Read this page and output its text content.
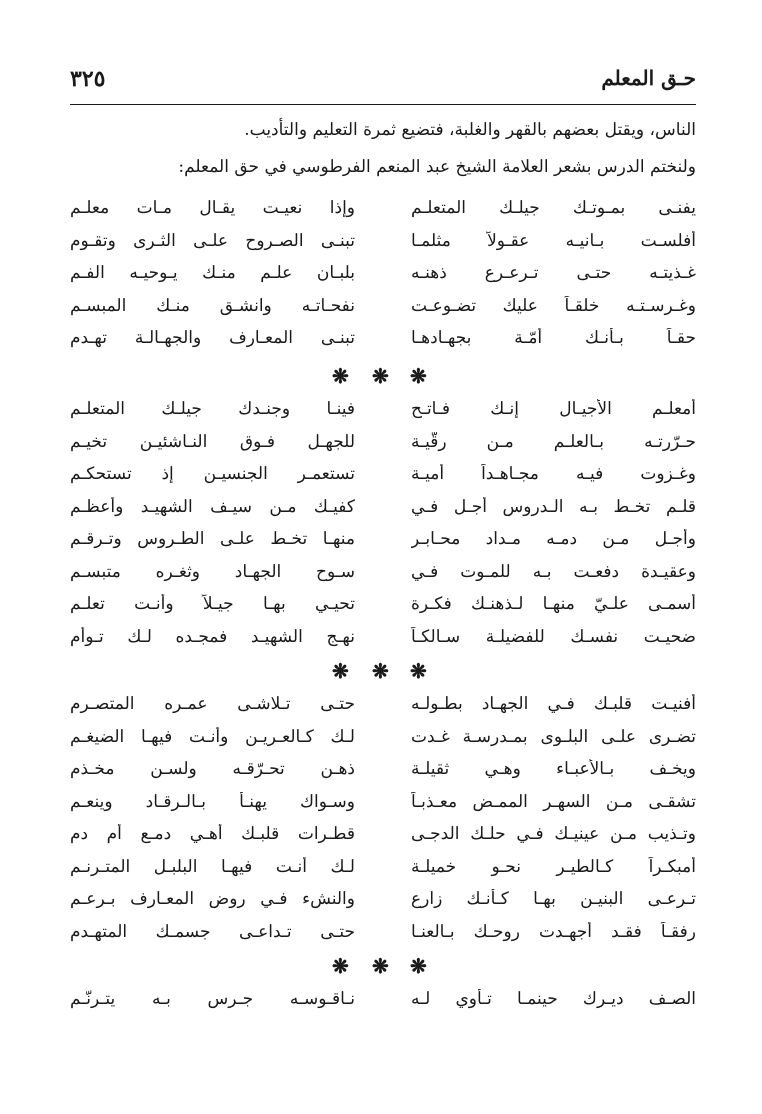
حـق المعلم
٣٢٥
الناس، ويقتل بعضهم بالقهر والغلبة، فتضيع ثمرة التعليم والتأديب.
ولنختم الدرس بشعر العلامة الشيخ عبد المنعم الفرطوسي في حق المعلم:
يفنـى بمـوتـك جيلـك المتعلـم
وإذا نعيـت يقـال مـات معلـم
أفلسـت بـانيـه عقـولاً مثلمـا
تبنـى الصـروح علـى الثـرى وتقـوم
غـذيتـه حتـى تـرعـرع ذهنـه
بلبـان علـم منـك يـوحيـه الفـم
وغـرسـتـه خلقـاً عليك تضـوعـت
نفحـاتـه وانشـق منـك المبسـم
حقـاً بـأنـك أمّـة بجهـادهـا
تبنـى المعـارف والجهـالـة تهـدم
❋
❋
❋
أمعلـم الأجيـال إنـك فـاتـح
فينـا وجنـدك جيلـك المتعلـم
حـرّرتـه بـالعلـم مـن رقّيـة
للجهـل فـوق النـاشئيـن تخيـم
وغـزوت فيـه مجـاهـداً أميـة
تستعمـر الجنسيـن إذ تستحكـم
قلـم تخـط بـه الـدروس أجـل فـي
كفيـك مـن سيـف الشهيـد وأعظـم
وأجـل مـن دمـه مـداد محـابـر
منهـا تخـط علـى الطـروس وتـرقـم
وعقيـدة دفعـت بـه للمـوت فـي
سـوح الجهـاد وثغـره متبسـم
أسمـى علـيّ منهـا لـذهنـك فكـرة
تحيـي بهـا جيـلاً وأنـت تعلـم
ضحيـت نفسـك للفضيلـة سـالكـاً
نهـج الشهيـد فمجـده لـك تـوأم
❋
❋
❋
أفنيـت قلبـك فـي الجهـاد بطـولـه
حتـى تـلاشـى عمـره المتصـرم
تضـرى علـى البلـوى بمـدرسـة غـدت
لـك كـالعـريـن وأنـت فيهـا الضيغـم
ويخـف بـالأعبـاء وهـي ثقيلـة
ذهـن تحـرّقـه ولسـن مخـذم
تشقـى مـن السهـر الممـض معـذبـاً
وسـواك يهنـأ بـالـرقـاد وينعـم
وتـذيب مـن عينيـك فـي حلـك الدجـى
قطـرات قلبـك أهـي دمـع أم دم
أمبكـراً كـالطيـر نحـو خميلـة
لـك أنـت فيهـا البلبـل المتـرنـم
تـرعـى البنيـن بهـا كـأنـك زارع
والنشء فـي روض المعـارف بـرعـم
رفقـاً فقـد أجهـدت روحـك بـالعنـا
حتـى تـداعـى جسمـك المتهـدم
❋
❋
❋
الصـف ديـرك حينمـا تـأوي لـه
نـاقـوسـه جـرس بـه يتـرنّـم
